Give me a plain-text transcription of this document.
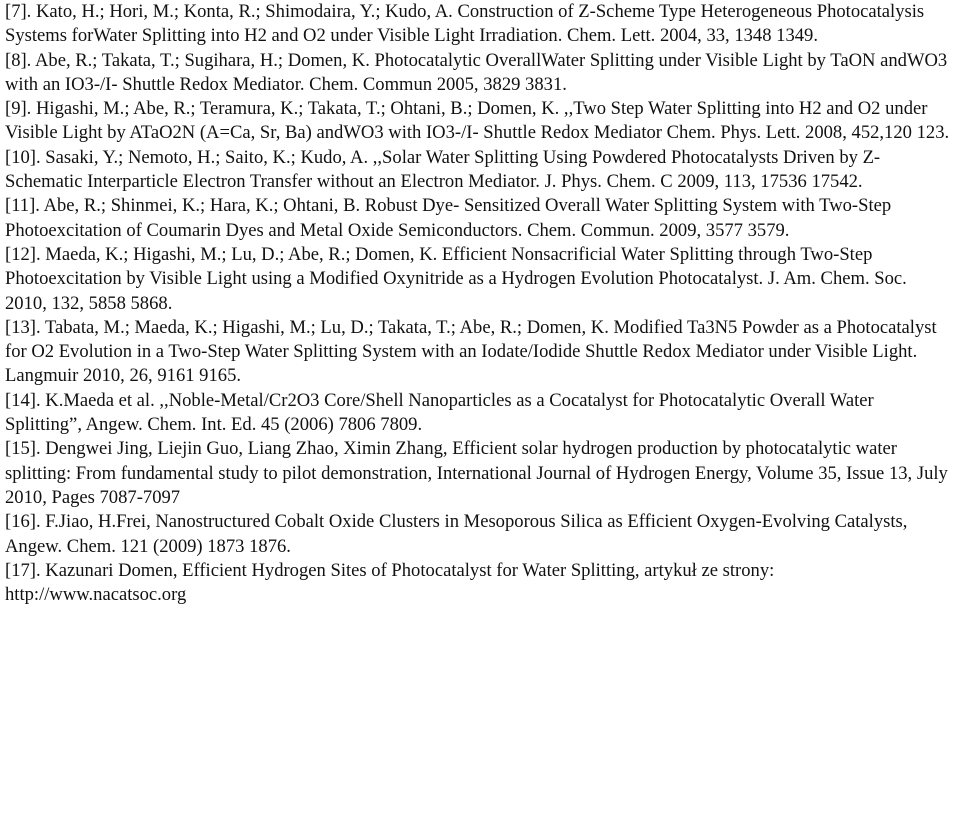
[7]. Kato, H.; Hori, M.; Konta, R.; Shimodaira, Y.; Kudo, A. Construction of Z-Scheme Type Heterogeneous Photocatalysis Systems forWater Splitting into H2 and O2 under Visible Light Irradiation. Chem. Lett. 2004, 33, 1348 1349.

[8]. Abe, R.; Takata, T.; Sugihara, H.; Domen, K. Photocatalytic OverallWater Splitting under Visible Light by TaON andWO3 with an IO3-/I- Shuttle Redox Mediator. Chem. Commun 2005, 3829 3831.

[9]. Higashi, M.; Abe, R.; Teramura, K.; Takata, T.; Ohtani, B.; Domen, K. ,,Two Step Water Splitting into H2 and O2 under Visible Light by ATaO2N (A=Ca, Sr, Ba) andWO3 with IO3-/I- Shuttle Redox Mediator Chem. Phys. Lett. 2008, 452,120 123.

[10]. Sasaki, Y.; Nemoto, H.; Saito, K.; Kudo, A. ,,Solar Water Splitting Using Powdered Photocatalysts Driven by Z-Schematic Interparticle Electron Transfer without an Electron Mediator. J. Phys. Chem. C 2009, 113, 17536 17542.

[11]. Abe, R.; Shinmei, K.; Hara, K.; Ohtani, B. Robust Dye- Sensitized Overall Water Splitting System with Two-Step Photoexcitation of Coumarin Dyes and Metal Oxide Semiconductors. Chem. Commun. 2009, 3577 3579.

[12]. Maeda, K.; Higashi, M.; Lu, D.; Abe, R.; Domen, K. Efficient Nonsacrificial Water Splitting through Two-Step Photoexcitation by Visible Light using a Modified Oxynitride as a Hydrogen Evolution Photocatalyst. J. Am. Chem. Soc. 2010, 132, 5858 5868.

[13]. Tabata, M.; Maeda, K.; Higashi, M.; Lu, D.; Takata, T.; Abe, R.; Domen, K. Modified Ta3N5 Powder as a Photocatalyst for O2 Evolution in a Two-Step Water Splitting System with an Iodate/Iodide Shuttle Redox Mediator under Visible Light. Langmuir 2010, 26, 9161 9165.

[14]. K.Maeda et al. ,,Noble-Metal/Cr2O3 Core/Shell Nanoparticles as a Cocatalyst for Photocatalytic Overall Water Splitting”, Angew. Chem. Int. Ed. 45 (2006) 7806 7809.

[15]. Dengwei Jing, Liejin Guo, Liang Zhao, Ximin Zhang, Efficient solar hydrogen production by photocatalytic water splitting: From fundamental study to pilot demonstration, International Journal of Hydrogen Energy, Volume 35, Issue 13, July 2010, Pages 7087-7097

[16]. F.Jiao, H.Frei, Nanostructured Cobalt Oxide Clusters in Mesoporous Silica as Efficient Oxygen-Evolving Catalysts, Angew. Chem. 121 (2009) 1873 1876.

[17]. Kazunari Domen, Efficient Hydrogen Sites of Photocatalyst for Water Splitting, artykuł ze strony: http://www.nacatsoc.org
